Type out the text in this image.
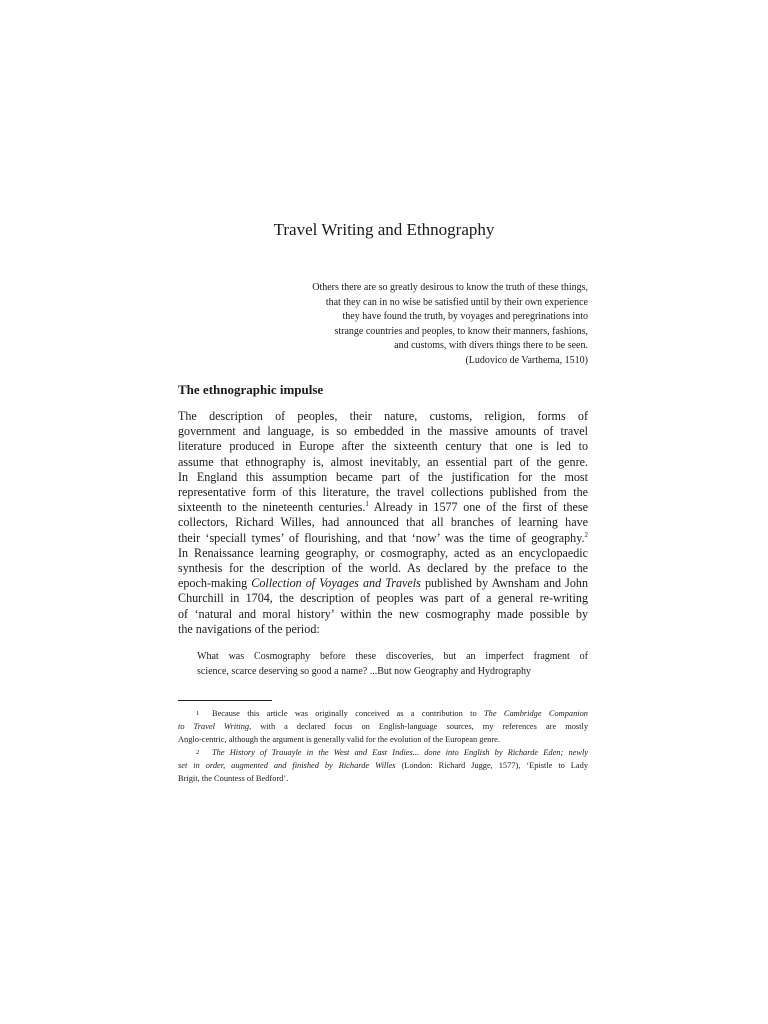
Travel Writing and Ethnography
Others there are so greatly desirous to know the truth of these things,
that they can in no wise be satisfied until by their own experience
they have found the truth, by voyages and peregrinations into
strange countries and peoples, to know their manners, fashions,
and customs, with divers things there to be seen.
(Ludovico de Varthema, 1510)
The ethnographic impulse
The description of peoples, their nature, customs, religion, forms of
government and language, is so embedded in the massive amounts of travel
literature produced in Europe after the sixteenth century that one is led to
assume that ethnography is, almost inevitably, an essential part of the genre.
In England this assumption became part of the justification for the most
representative form of this literature, the travel collections published from the
sixteenth to the nineteenth centuries.$^1$ Already in 1577 one of the first of these
collectors, Richard Willes, had announced that all branches of learning have
their ‘speciall tymes’ of flourishing, and that ‘now’ was the time of geography.$^2$
In Renaissance learning geography, or cosmography, acted as an encyclopaedic
synthesis for the description of the world. As declared by the preface to the
epoch-making Collection of Voyages and Travels published by Awnsham and John
Churchill in 1704, the description of peoples was part of a general re-writing
of ‘natural and moral history’ within the new cosmography made possible by
the navigations of the period:
What was Cosmography before these discoveries, but an imperfect fragment of
science, scarce deserving so good a name? ...But now Geography and Hydrography
1 Because this article was originally conceived as a contribution to The Cambridge Companion
to Travel Writing, with a declared focus on English-language sources, my references are mostly
Anglo-centric, although the argument is generally valid for the evolution of the European genre.
2 The History of Trauayle in the West and East Indies... done into English by Richarde Eden; newly
set in order, augmented and finished by Richarde Willes (London: Richard Jugge, 1577), ‘Epistle to Lady
Brigit, the Countess of Bedford’.
